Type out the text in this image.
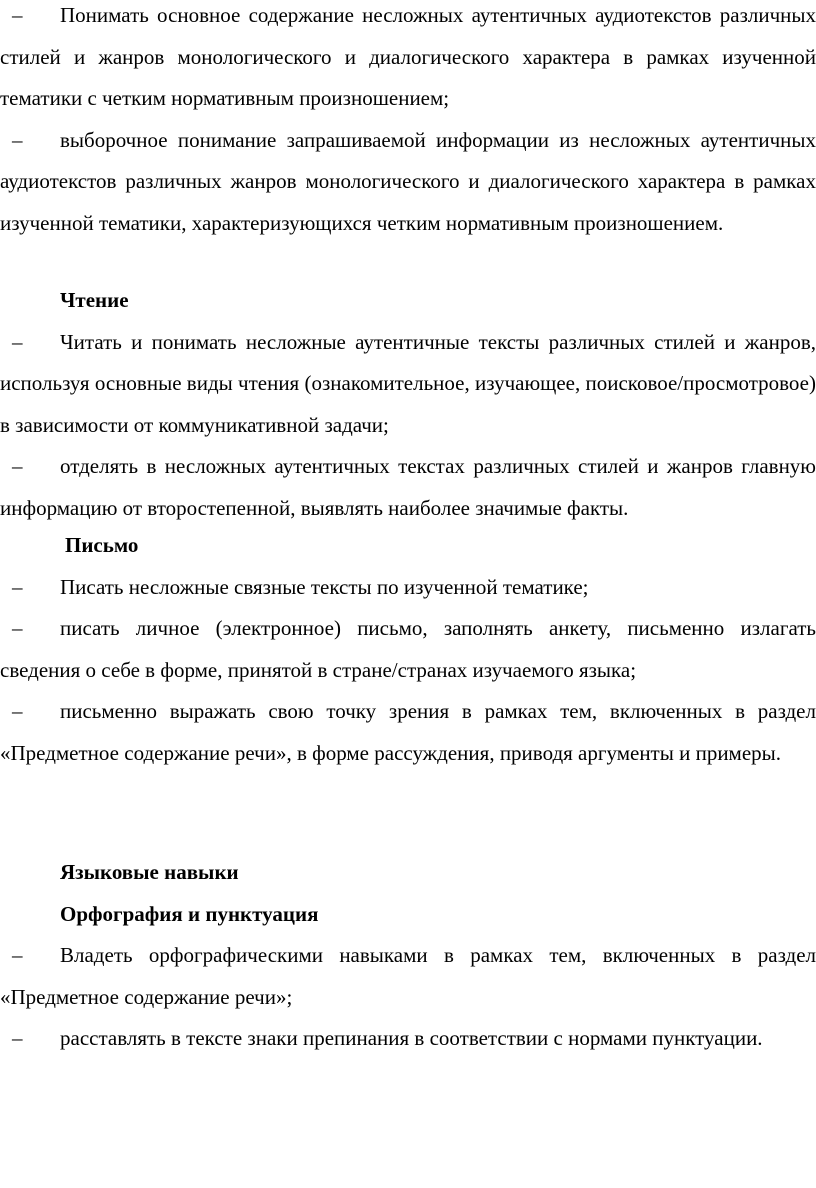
– Понимать основное содержание несложных аутентичных аудиотекстов различных стилей и жанров монологического и диалогического характера в рамках изученной тематики с четким нормативным произношением;

– выборочное понимание запрашиваемой информации из несложных аутентичных аудиотекстов различных жанров монологического и диалогического характера в рамках изученной тематики, характеризующихся четким нормативным произношением.

Чтение

– Читать и понимать несложные аутентичные тексты различных стилей и жанров, используя основные виды чтения (ознакомительное, изучающее, поисковое/просмотровое) в зависимости от коммуникативной задачи;

– отделять в несложных аутентичных текстах различных стилей и жанров главную информацию от второстепенной, выявлять наиболее значимые факты.

Письмо

– Писать несложные связные тексты по изученной тематике;

– писать личное (электронное) письмо, заполнять анкету, письменно излагать сведения о себе в форме, принятой в стране/странах изучаемого языка;

– письменно выражать свою точку зрения в рамках тем, включенных в раздел «Предметное содержание речи», в форме рассуждения, приводя аргументы и примеры.

Языковые навыки

Орфография и пунктуация

– Владеть орфографическими навыками в рамках тем, включенных в раздел «Предметное содержание речи»;

– расставлять в тексте знаки препинания в соответствии с нормами пунктуации.
